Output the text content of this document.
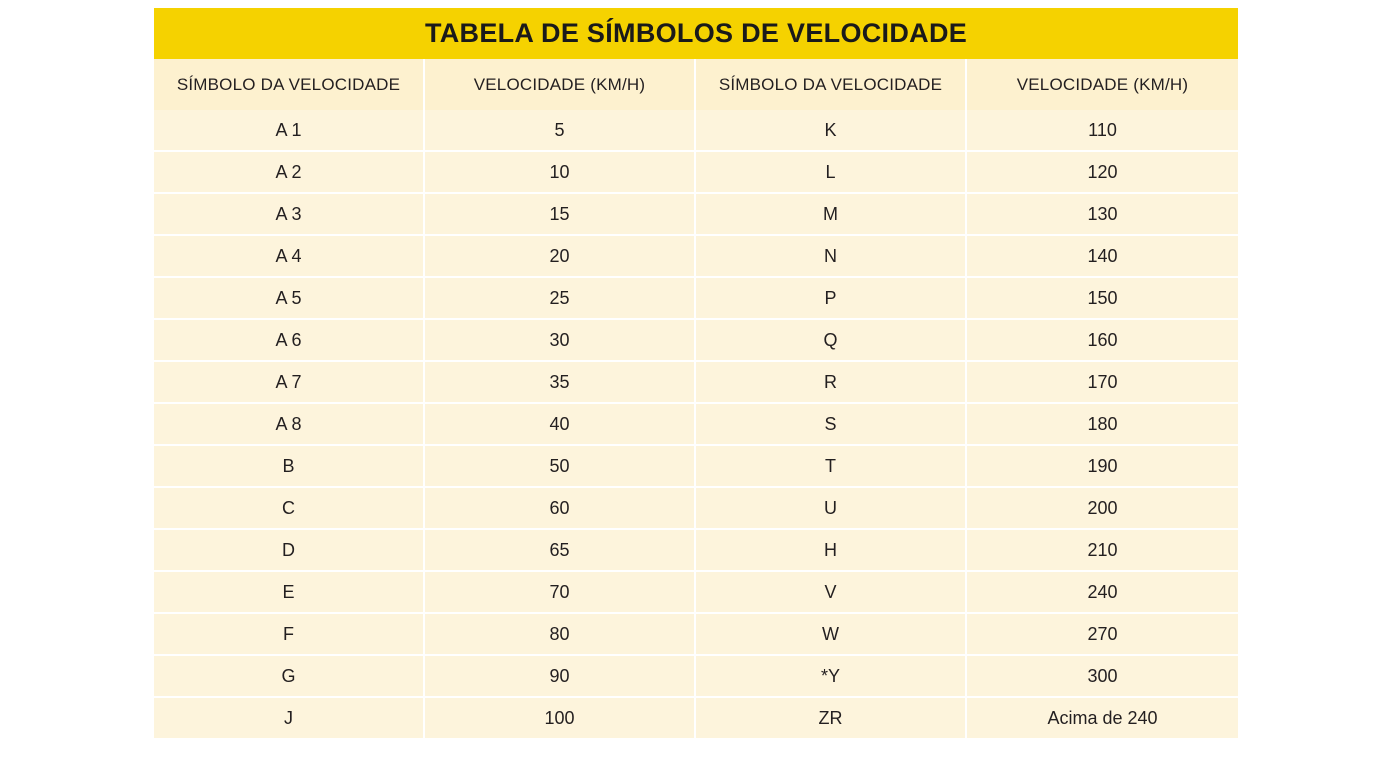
TABELA DE SÍMBOLOS DE VELOCIDADE			

SÍMBOLO DA VELOCIDADE	VELOCIDADE (KM/H)	SÍMBOLO DA VELOCIDADE	VELOCIDADE (KM/H)
A 1	5	K	110
A 2	10	L	120
A 3	15	M	130
A 4	20	N	140
A 5	25	P	150
A 6	30	Q	160
A 7	35	R	170
A 8	40	S	180
B	50	T	190
C	60	U	200
D	65	H	210
E	70	V	240
F	80	W	270
G	90	*Y	300
J	100	ZR	Acima de 240
